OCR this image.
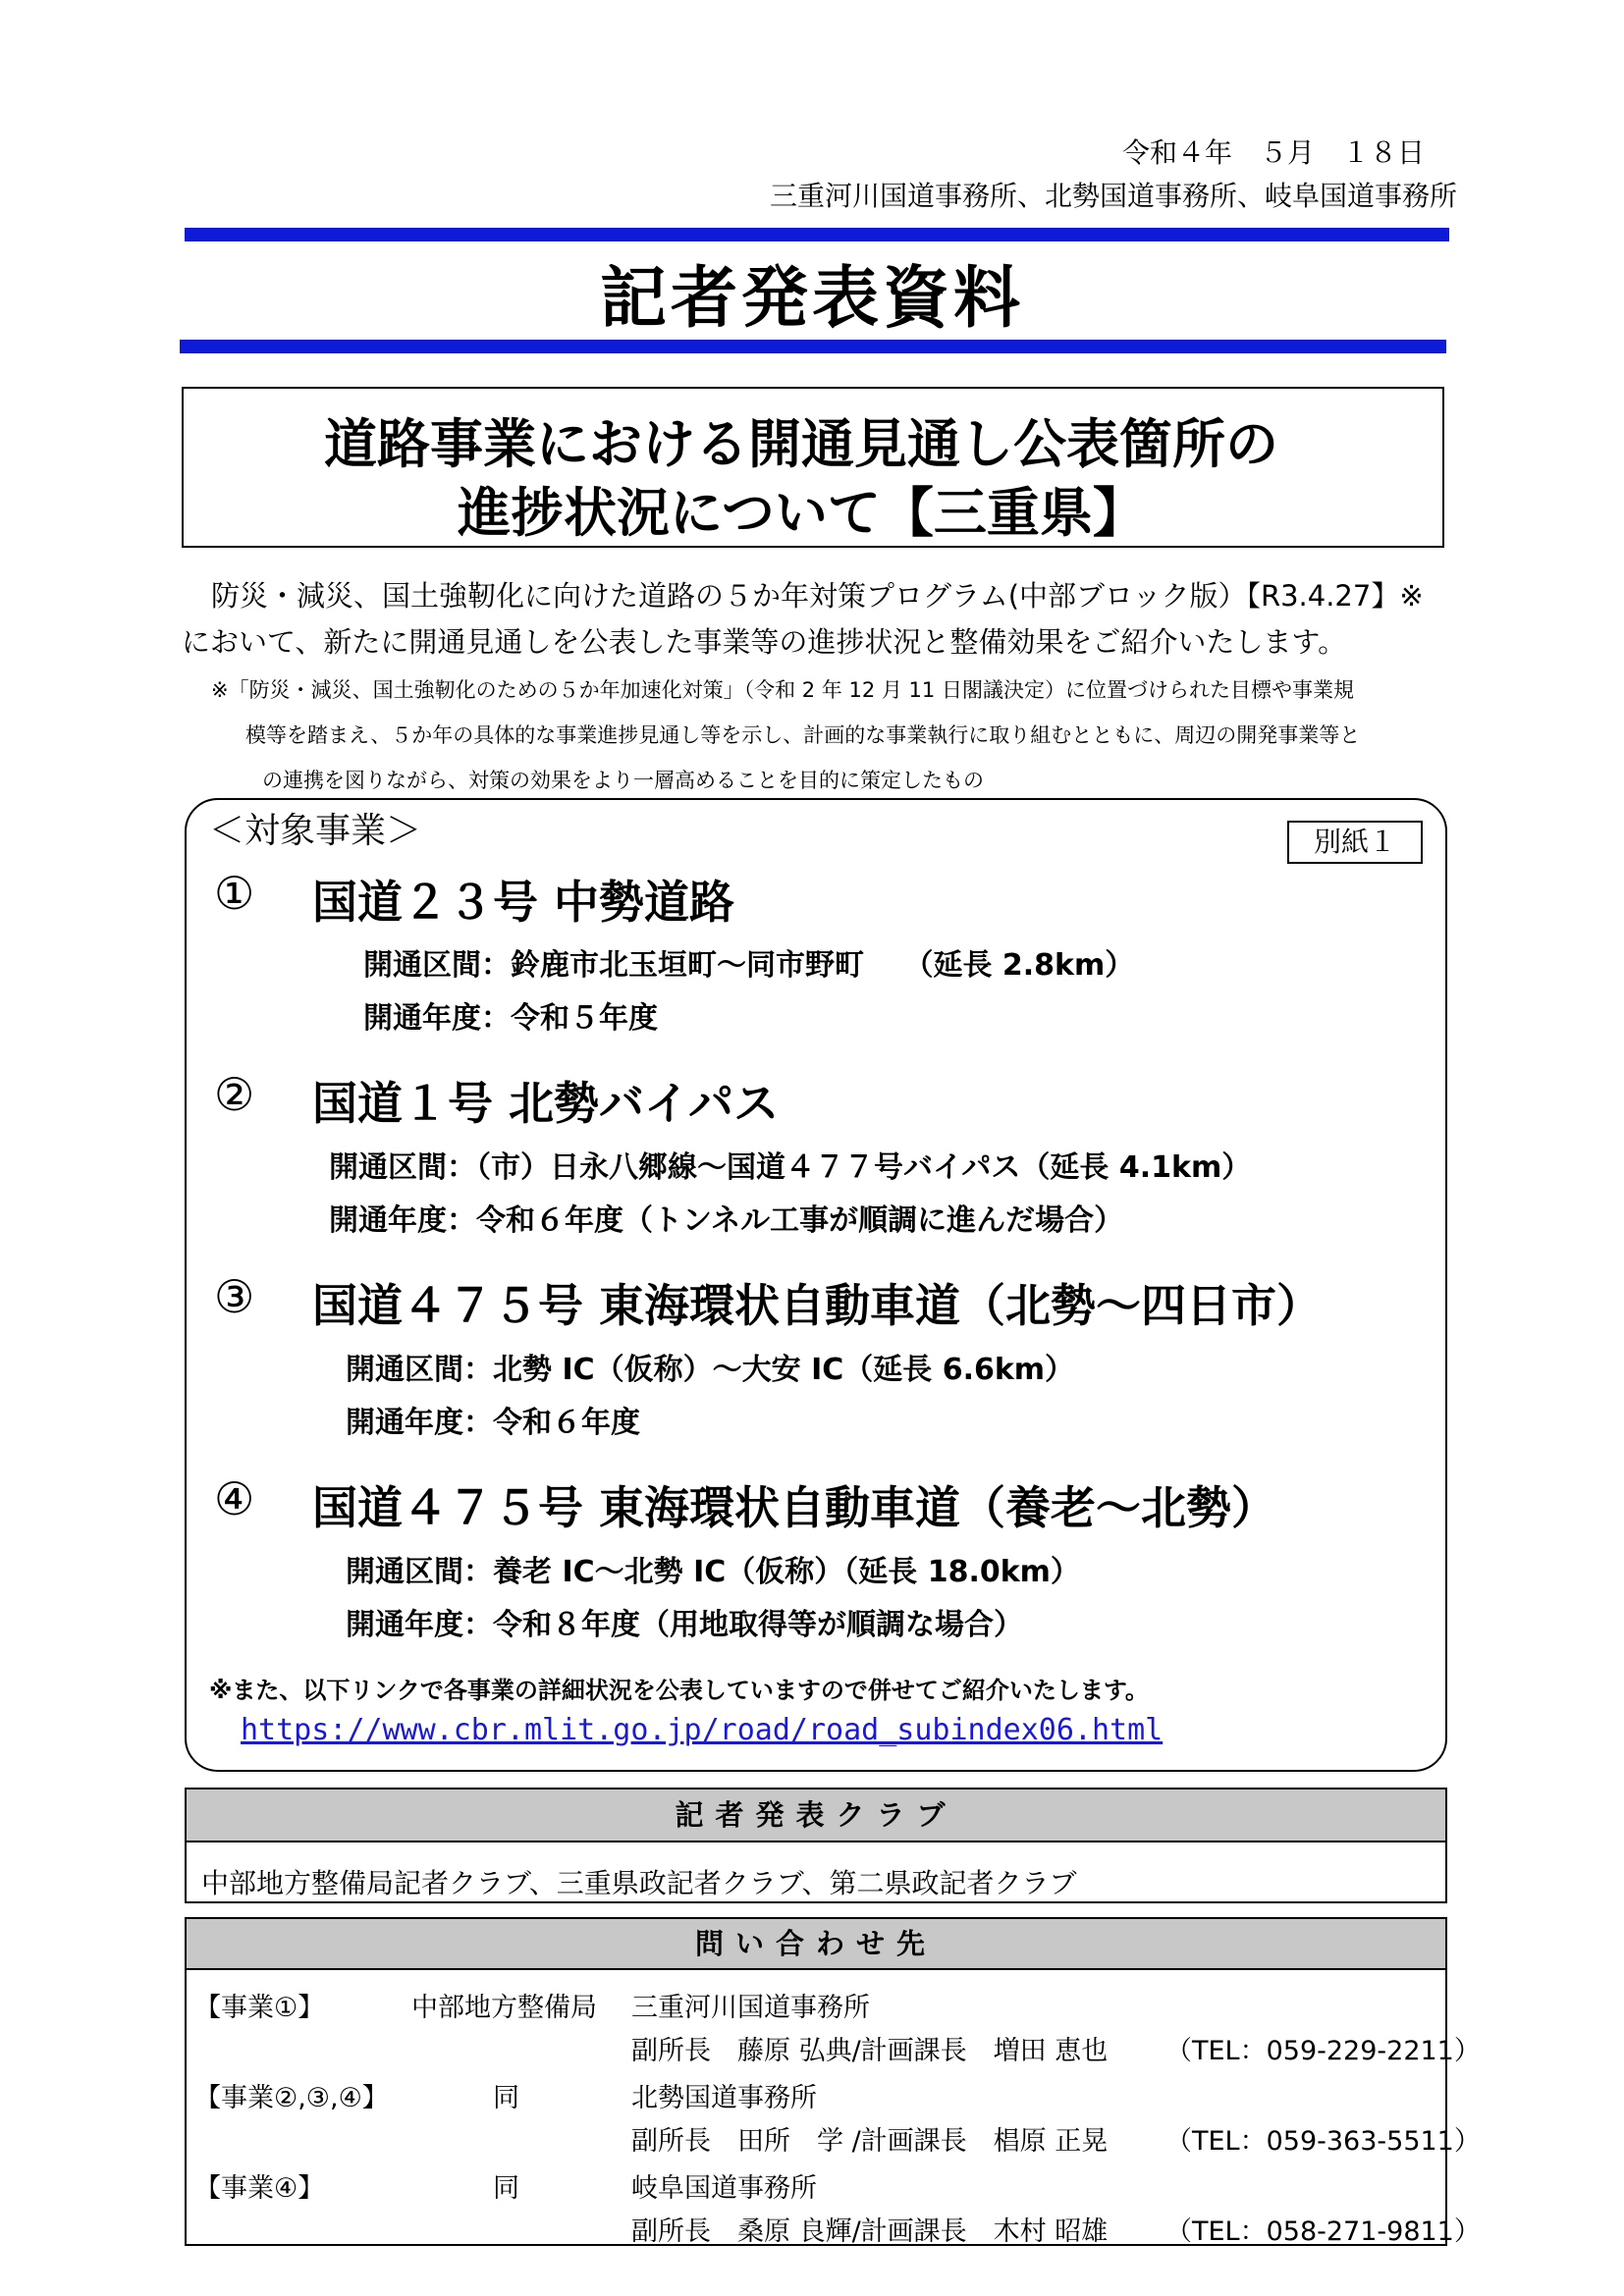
令和４年　５月　１８日
三重河川国道事務所、北勢国道事務所、岐阜国道事務所
記者発表資料
道路事業における開通見通し公表箇所の
進捗状況について【三重県】
防災・減災、国土強靭化に向けた道路の５か年対策プログラム(中部ブロック版）【R3.4.27】※
において、新たに開通見通しを公表した事業等の進捗状況と整備効果をご紹介いたします。
※「防災・減災、国土強靭化のための５か年加速化対策」（令和 2 年 12 月 11 日閣議決定）に位置づけられた目標や事業規
模等を踏まえ、５か年の具体的な事業進捗見通し等を示し、計画的な事業執行に取り組むとともに、周辺の開発事業等と
の連携を図りながら、対策の効果をより一層高めることを目的に策定したもの
＜対象事業＞	別紙１
① 国道２３号 中勢道路
開通区間：鈴鹿市北玉垣町～同市野町　 （延長 2.8km）
開通年度：令和５年度
② 国道１号 北勢バイパス
開通区間：（市）日永八郷線～国道４７７号バイパス（延長 4.1km）
開通年度：令和６年度（トンネル工事が順調に進んだ場合）
③ 国道４７５号 東海環状自動車道（北勢～四日市）
開通区間：北勢 IC（仮称）～大安 IC（延長 6.6km）
開通年度：令和６年度
④ 国道４７５号 東海環状自動車道（養老～北勢）
開通区間：養老 IC～北勢 IC（仮称）（延長 18.0km）
開通年度：令和８年度（用地取得等が順調な場合）
※また、以下リンクで各事業の詳細状況を公表していますので併せてご紹介いたします。
https://www.cbr.mlit.go.jp/road/road_subindex06.html
記者発表クラブ
中部地方整備局記者クラブ、三重県政記者クラブ、第二県政記者クラブ
問い合わせ先
【事業①】	中部地方整備局 三重河川国道事務所
副所長　藤原 弘典/計画課長　増田 恵也 （TEL：059-229-2211）
【事業②,③,④】	同	北勢国道事務所
副所長　田所　学 /計画課長　椙原 正晃 （TEL：059-363-5511）
【事業④】	同	岐阜国道事務所
副所長　桑原 良輝/計画課長　木村 昭雄 （TEL：058-271-9811）
